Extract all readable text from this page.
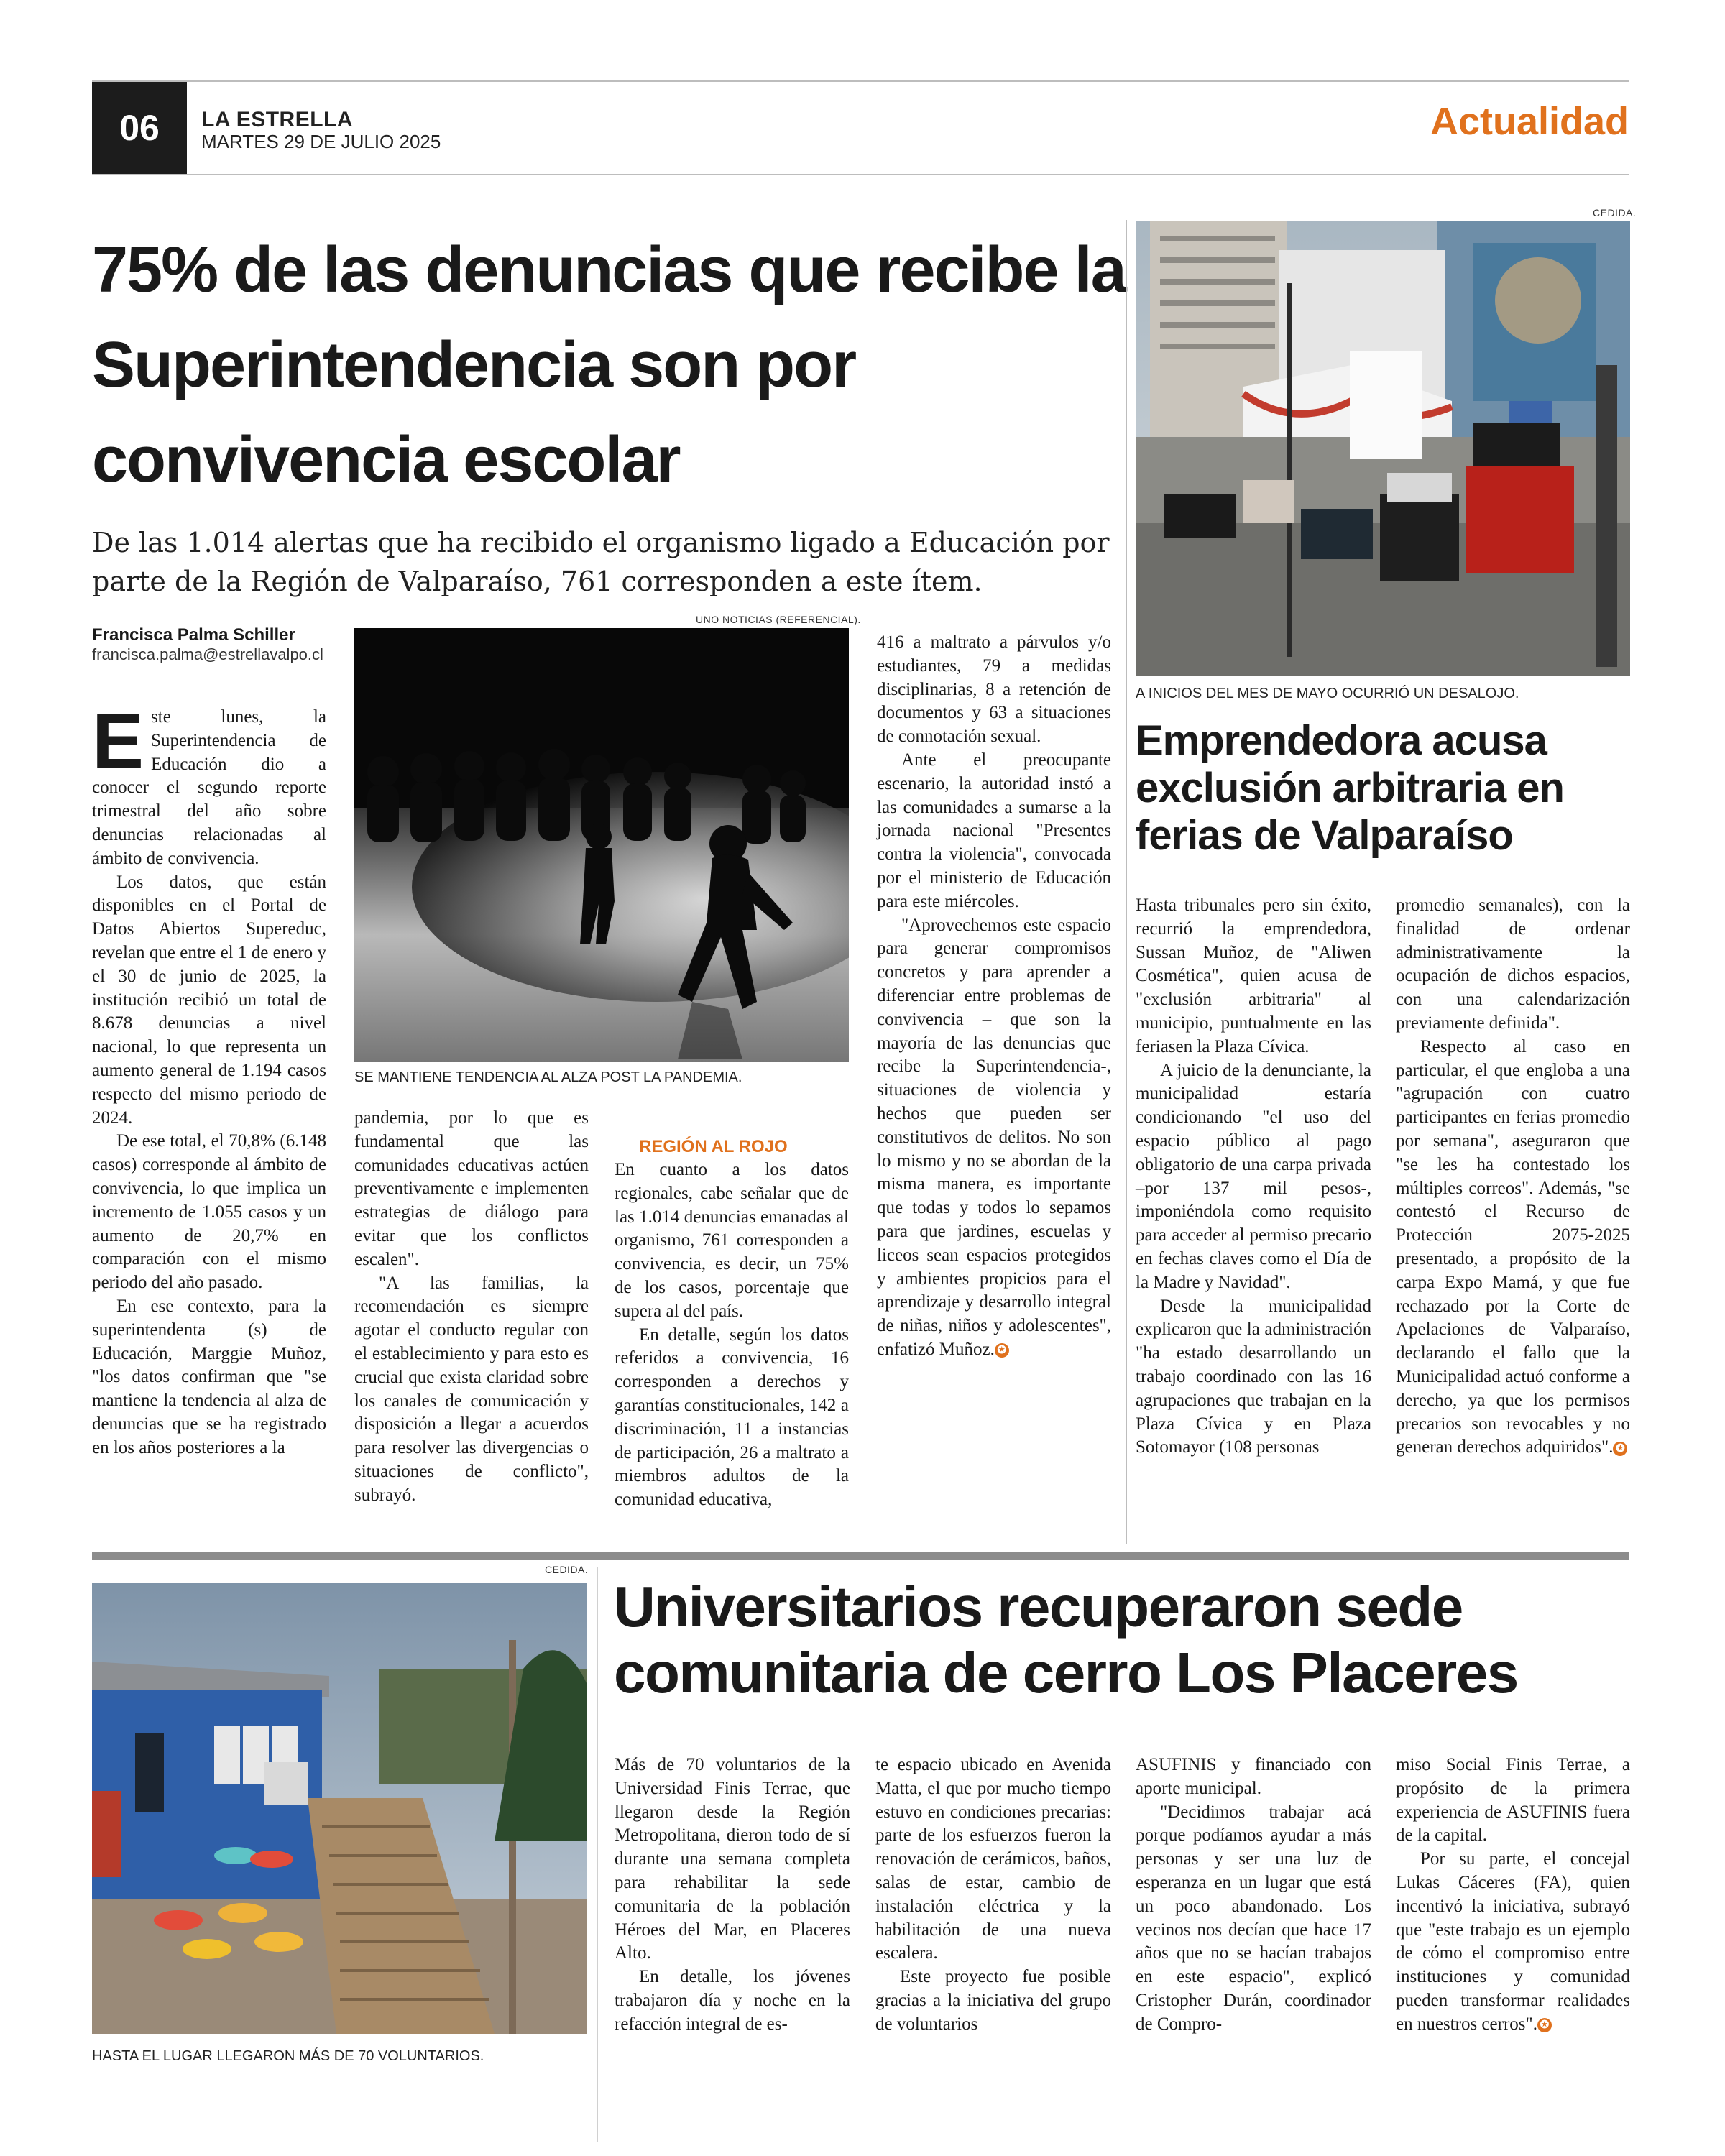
06	LA ESTRELLA
MARTES 29 DE JULIO 2025	Actualidad
75% de las denuncias que recibe la Superintendencia son por convivencia escolar
De las 1.014 alertas que ha recibido el organismo ligado a Educación por parte de la Región de Valparaíso, 761 corresponden a este ítem.
Francisca Palma Schiller
francisca.palma@estrellavalpo.cl

Este lunes, la Superintendencia de Educación dio a conocer el segundo reporte trimestral del año sobre denuncias relacionadas al ámbito de convivencia.

Los datos, que están disponibles en el Portal de Datos Abiertos Supereduc, revelan que entre el 1 de enero y el 30 de junio de 2025, la institución recibió un total de 8.678 denuncias a nivel nacional, lo que representa un aumento general de 1.194 casos respecto del mismo periodo de 2024.

De ese total, el 70,8% (6.148 casos) corresponde al ámbito de convivencia, lo que implica un incremento de 1.055 casos y un aumento de 20,7% en comparación con el mismo periodo del año pasado.

En ese contexto, para la superintendenta (s) de Educación, Marggie Muñoz, "los datos confirman que "se mantiene la tendencia al alza de denuncias que se ha registrado en los años posteriores a la

UNO NOTICIAS (REFERENCIAL).
SE MANTIENE TENDENCIA AL ALZA POST LA PANDEMIA.

pandemia, por lo que es fundamental que las comunidades educativas actúen preventivamente e implementen estrategias de diálogo para evitar que los conflictos escalen".

"A las familias, la recomendación es siempre agotar el conducto regular con el establecimiento y para esto es crucial que exista claridad sobre los canales de comunicación y disposición a llegar a acuerdos para resolver las divergencias o situaciones de conflicto", subrayó.

REGIÓN AL ROJO

En cuanto a los datos regionales, cabe señalar que de las 1.014 denuncias emanadas al organismo, 761 corresponden a convivencia, es decir, un 75% de los casos, porcentaje que supera al del país.

En detalle, según los datos referidos a convivencia, 16 corresponden a derechos y garantías constitucionales, 142 a discriminación, 11 a instancias de participación, 26 a maltrato a miembros adultos de la comunidad educativa,

416 a maltrato a párvulos y/o estudiantes, 79 a medidas disciplinarias, 8 a retención de documentos y 63 a situaciones de connotación sexual.

Ante el preocupante escenario, la autoridad instó a las comunidades a sumarse a la jornada nacional "Presentes contra la violencia", convocada por el ministerio de Educación para este miércoles.

"Aprovechemos este espacio para generar compromisos concretos y para aprender a diferenciar entre problemas de convivencia – que son la mayoría de las denuncias que recibe la Superintendencia-, situaciones de violencia y hechos que pueden ser constitutivos de delitos. No son lo mismo y no se abordan de la misma manera, es importante que todas y todos lo sepamos para que jardines, escuelas y liceos sean espacios protegidos y ambientes propicios para el aprendizaje y desarrollo integral de niñas, niños y adolescentes", enfatizó Muñoz. ✪

CEDIDA.
A INICIOS DEL MES DE MAYO OCURRIÓ UN DESALOJO.
Emprendedora acusa exclusión arbitraria en ferias de Valparaíso

Hasta tribunales pero sin éxito, recurrió la emprendedora, Sussan Muñoz, de "Aliwen Cosmética", quien acusa de "exclusión arbitraria" al municipio, puntualmente en las feriasen la Plaza Cívica.

A juicio de la denunciante, la municipalidad estaría condicionando "el uso del espacio público al pago obligatorio de una carpa privada –por 137 mil pesos-, imponiéndola como requisito para acceder al permiso precario en fechas claves como el Día de la Madre y Navidad".

Desde la municipalidad explicaron que la administración "ha estado desarrollando un trabajo coordinado con las 16 agrupaciones que trabajan en la Plaza Cívica y en Plaza Sotomayor (108 personas

promedio semanales), con la finalidad de ordenar administrativamente la ocupación de dichos espacios, con una calendarización previamente definida".

Respecto al caso en particular, el que engloba a una "agrupación con cuatro participantes en ferias promedio por semana", aseguraron que "se les ha contestado los múltiples correos". Además, "se contestó el Recurso de Protección 2075-2025 presentado, a propósito de la carpa Expo Mamá, y que fue rechazado por la Corte de Apelaciones de Valparaíso, declarando el fallo que la Municipalidad actuó conforme a derecho, ya que los permisos precarios son revocables y no generan derechos adquiridos". ✪

CEDIDA.
HASTA EL LUGAR LLEGARON MÁS DE 70 VOLUNTARIOS.
Universitarios recuperaron sede comunitaria de cerro Los Placeres

Más de 70 voluntarios de la Universidad Finis Terrae, que llegaron desde la Región Metropolitana, dieron todo de sí durante una semana completa para rehabilitar la sede comunitaria de la población Héroes del Mar, en Placeres Alto.

En detalle, los jóvenes trabajaron día y noche en la refacción integral de es-

te espacio ubicado en Avenida Matta, el que por mucho tiempo estuvo en condiciones precarias: parte de los esfuerzos fueron la renovación de cerámicos, baños, salas de estar, cambio de instalación eléctrica y la habilitación de una nueva escalera.

Este proyecto fue posible gracias a la iniciativa del grupo de voluntarios

ASUFINIS y financiado con aporte municipal.

"Decidimos trabajar acá porque podíamos ayudar a más personas y ser una luz de esperanza en un lugar que está un poco abandonado. Los vecinos nos decían que hace 17 años que no se hacían trabajos en este espacio", explicó Cristopher Durán, coordinador de Compro-

miso Social Finis Terrae, a propósito de la primera experiencia de ASUFINIS fuera de la capital.

Por su parte, el concejal Lukas Cáceres (FA), quien incentivó la iniciativa, subrayó que "este trabajo es un ejemplo de cómo el compromiso entre instituciones y comunidad pueden transformar realidades en nuestros cerros". ✪
